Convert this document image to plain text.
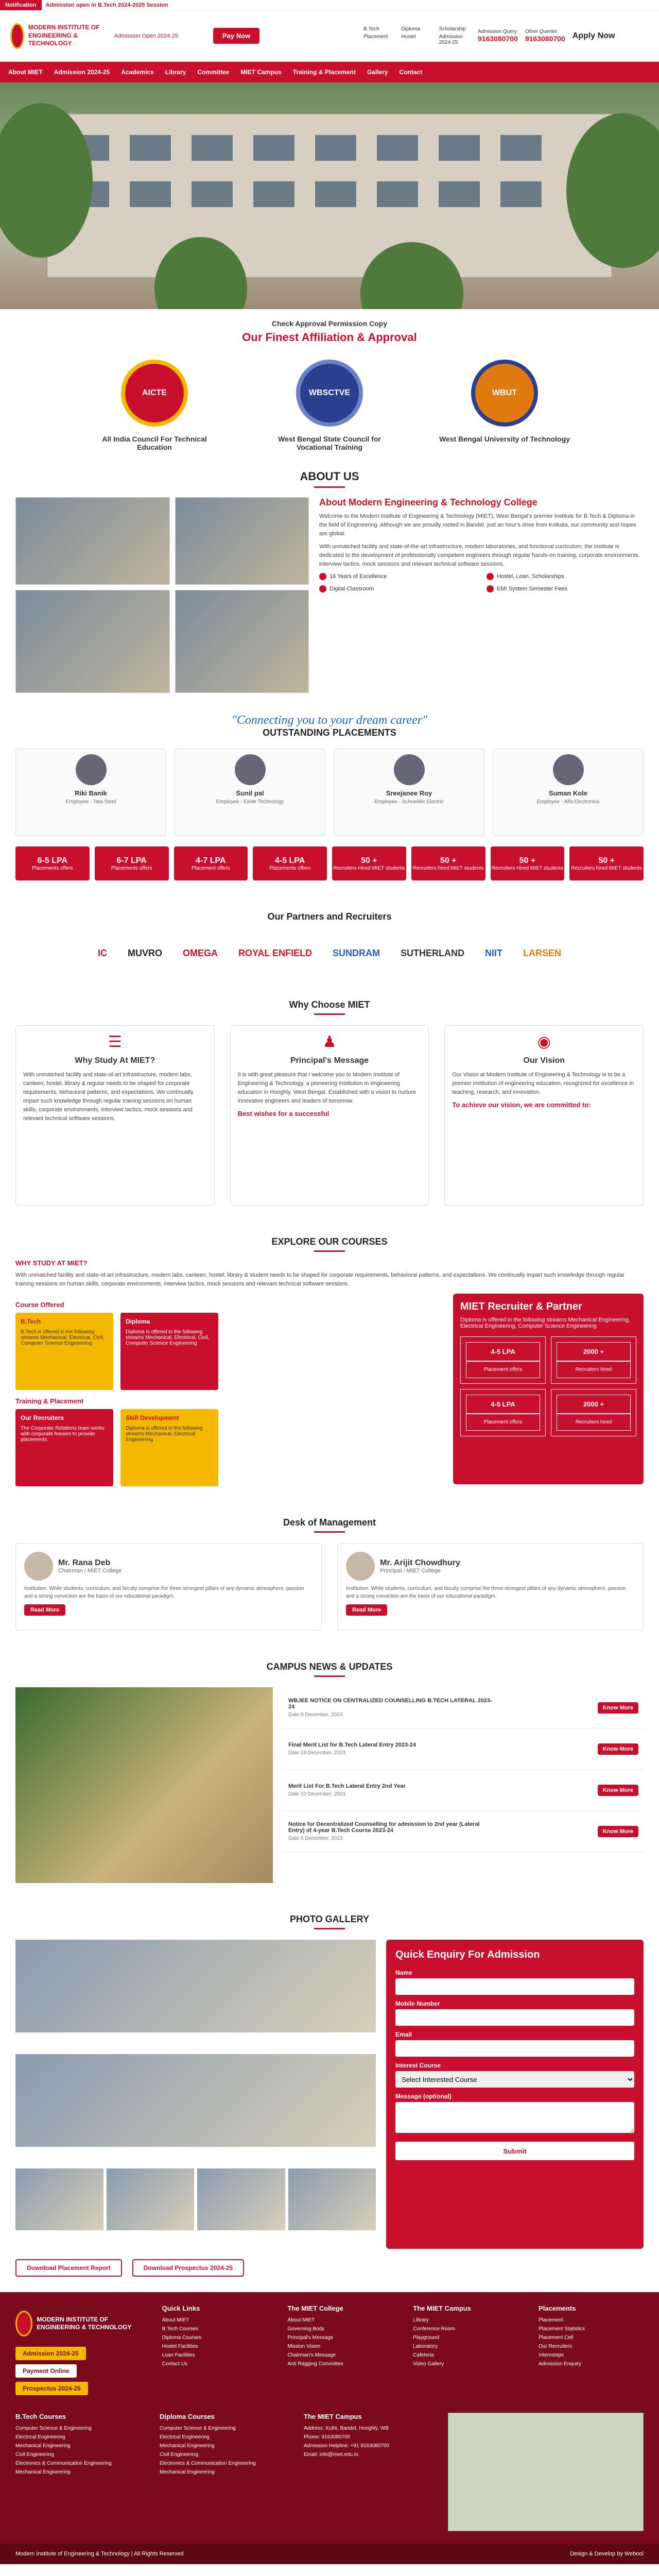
Notification	Admission open in B.Tech 2024-2025 Session
MODERN INSTITUTE OF ENGINEERING & TECHNOLOGY
Admission Open 2024-25	Pay Now
B.Tech	Diploma	Scholarship
Placement	Hostel	Admission 2024-25
Admission Query
9163080700
Other Queries
9163080700 Apply Now
About MIET Admission 2024-25 Academics Library Committee MIET Campus Training & Placement Gallery Contact
Check Approval Permission Copy
Our Finest Affiliation & Approval
AICTE
All India Council For Technical Education
WBSCTVE
West Bengal State Council for Vocational Training
WBUT
West Bengal University of Technology
ABOUT US
About Modern Engineering & Technology College

Welcome to the Modern Institute of Engineering & Technology (MIET), West Bengal's premier institute for B.Tech & Diploma in the field of Engineering. Although we are proudly rooted in Bandel, just an hour's drive from Kolkata, our community and hopes are global.

With unmatched facility and state-of-the-art infrastructure, modern laboratories, and functional curriculum, the institute is dedicated to the development of professionally competent engineers through regular hands-on training, corporate environments, interview tactics, mock sessions and relevant technical software sessions.

16 Years of Excellence	Hostel, Loan, Scholarships
Digital Classroom	EMI System Semester Fees
"Connecting you to your dream career"
OUTSTANDING PLACEMENTS
Riki Banik
Employee - Tata Steel
Sunil pal
Employee - Exide Technology
Sreejanee Roy
Employee - Schneider Electric
Suman Kole
Employee - Alfa Electronics
6-5 LPA
Placements offers
6-7 LPA
Placements offers
4-7 LPA
Placement offers
4-5 LPA
Placements offers
50 +
Recruiters Hired MIET students
50 +
Recruiters hired MIET students
50 +
Recruiters Hired MIET students
50 +
Recruiters hired MIET students
Our Partners and Recruiters
IC MUVRO OMEGA ROYAL ENFIELD SUNDRAM SUTHERLAND NIIT LARSEN
Why Choose MIET
☰
Why Study At MIET?

With unmatched facility and state-of-art infrastructure, modern labs, canteen, hostel, library & regular needs to be shaped for corporate requirements, behavioral patterns, and expectations. We continually impart such knowledge through regular training sessions on human skills, corporate environments, interview tactics, mock sessions and relevant technical software sessions.

♟
Principal's Message

It is with great pleasure that I welcome you to Modern Institute of Engineering & Technology, a pioneering institution in engineering education in Hooghly, West Bengal. Established with a vision to nurture innovative engineers and leaders of tomorrow.

Best wishes for a successful
◉
Our Vision

Our Vision at Modern Institute of Engineering & Technology is to be a premier institution of engineering education, recognized for excellence in teaching, research, and innovation.

To achieve our vision, we are committed to:
EXPLORE OUR COURSES
WHY STUDY AT MIET?

With unmatched facility and state-of-art infrastructure, modern labs, canteen, hostel, library & student needs to be shaped for corporate requirements, behavioral patterns, and expectations. We continually impart such knowledge through regular training sessions on human skills, corporate environments, interview tactics, mock sessions and relevant technical software sessions.

Course Offered
B.Tech
B.Tech is offered in the following streams Mechanical, Electrical, Civil, Computer Science Engineering
Diploma
Diploma is offered in the following streams Mechanical, Electrical, Civil, Computer Science Engineering
Training & Placement
Our Recruiters
The Corporate Relations team works with corporate houses to provide placements.
Skill Development
Diploma is offered in the following streams Mechanical, Electrical Engineering
MIET Recruiter & Partner
Diploma is offered in the following streams Mechanical Engineering, Electrical Engineering, Computer Science Engineering
4-5 LPA
Placement offers
2000 +
Recruiters hired
4-5 LPA
Placement offers
2000 +
Recruiters hired
Desk of Management
Mr. Rana Deb
Chairman / MIET College

Institution. While students, curriculum, and faculty comprise the three strongest pillars of any dynamic atmosphere, passion and a strong conviction are the basis of our educational paradigm.

Read More
Mr. Arijit Chowdhury
Principal / MIET College

Institution. While students, curriculum, and faculty comprise the three strongest pillars of any dynamic atmosphere, passion and a strong conviction are the basis of our educational paradigm.

Read More
CAMPUS NEWS & UPDATES
WBJEE NOTICE ON CENTRALIZED COUNSELLING B.TECH LATERAL 2023-24
Date 9 December, 2023
Know More
Final Merit List for B.Tech Lateral Entry 2023-24
Date 19 December, 2023
Know More
Merit List For B.Tech Lateral Entry 2nd Year
Date 10 December, 2023
Know More
Notice for Decentralized Counselling for admission to 2nd year (Lateral Entry) of 4-year B.Tech Course 2023-24
Date 5 December, 2023
Know More
PHOTO GALLERY
Quick Enquiry For Admission
Name
Mobile Number
Email
Interest Course
Select Interested Course
Message (optional)
Submit
Download Placement Report	Download Prospectus 2024-25
MODERN INSTITUTE OF ENGINEERING & TECHNOLOGY
Admission 2024-25
Payment Online
Prospectus 2024-25
Quick Links
About MIET
B.Tech Courses
Diploma Courses
Hostel Facilities
Loan Facilities
Contact Us
The MIET College
About MIET
Governing Body
Principal's Message
Mission Vision
Chairman's Message
Anti Ragging Committee
The MIET Campus
Library
Conference Room
Playground
Laboratory
Cafeteria
Video Gallery
Placements
Placement
Placement Statistics
Placement Cell
Our Recruiters
Internships
Admission Enquiry
B.Tech Courses
Computer Science & Engineering
Electrical Engineering
Mechanical Engineering
Civil Engineering
Electronics & Communication Engineering
Mechanical Engineering
Diploma Courses
Computer Science & Engineering
Electrical Engineering
Mechanical Engineering
Civil Engineering
Electronics & Communication Engineering
Mechanical Engineering
The MIET Campus
Address: Kuthi, Bandel, Hooghly, WB
Phone: 9163080700
Admission Helpline: +91 9163080700
Email: info@miet.edu.in
Modern Institute of Engineering & Technology | All Rights Reserved	Design & Develop by Webool
